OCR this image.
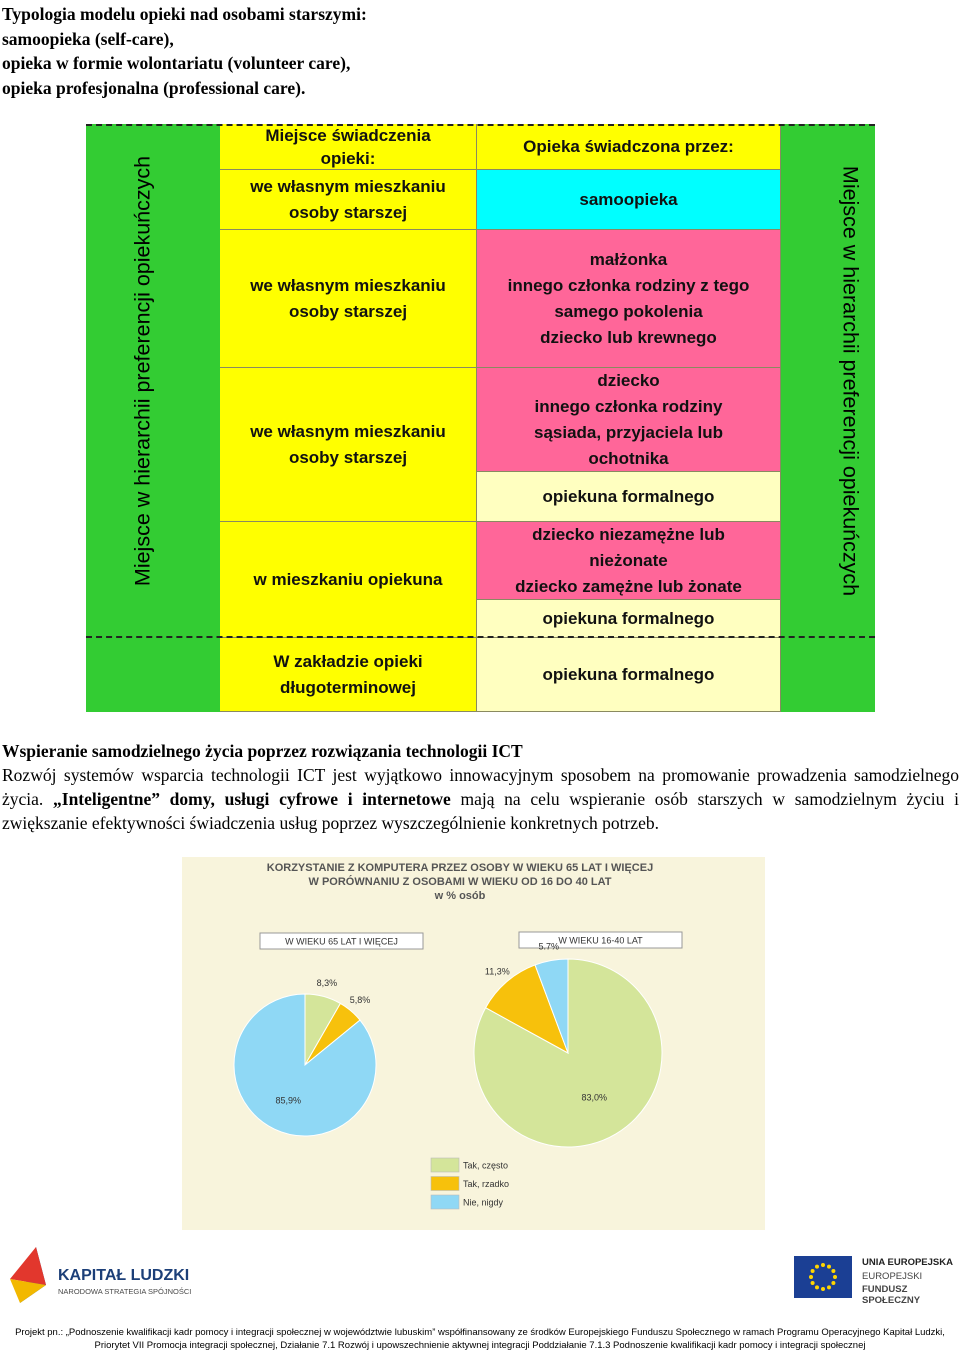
Typologia modelu opieki nad osobami starszymi:
samoopieka (self-care),
opieka w formie wolontariatu (volunteer care),
opieka profesjonalna (professional care).
Miejsce w hierarchii preferencji opiekuńczych	Miejsce w hierarchii preferencji opiekuńczych
Miejsce świadczenia
opieki:
we własnym mieszkaniu
osoby starszej
we własnym mieszkaniu
osoby starszej
we własnym mieszkaniu
osoby starszej
w mieszkaniu opiekuna
W zakładzie opieki
długoterminowej
Opieka świadczona przez:
samoopieka
małżonka
innego członka rodziny z tego
samego pokolenia
dziecko lub krewnego
dziecko
innego członka rodziny
sąsiada, przyjaciela lub
ochotnika
opiekuna formalnego
dziecko niezamężne lub
nieżonate
dziecko zamężne lub żonate
opiekuna formalnego
opiekuna formalnego
Wspieranie samodzielnego życia poprzez rozwiązania technologii ICT
Rozwój systemów wsparcia technologii ICT jest wyjątkowo innowacyjnym sposobem na promowanie prowadzenia samodzielnego życia. „Inteligentne” domy, usługi cyfrowe i internetowe mają na celu wspieranie osób starszych w samodzielnym życiu i zwiększanie efektywności świadczenia usług poprzez wyszczególnienie konkretnych potrzeb.
KORZYSTANIE Z KOMPUTERA PRZEZ OSOBY W WIEKU 65 LAT I WIĘCEJ
W PORÓWNANIU Z OSOBAMI W WIEKU OD 16 DO 40 LAT
w % osób
W WIEKU 65 LAT I WIĘCEJ
8,3%
5,8%
85,9%
W WIEKU 16-40 LAT
83,0%
11,3%
5.7%
Tak, często
Tak, rzadko
Nie, nigdy
KAPITAŁ LUDZKI
NARODOWA STRATEGIA SPÓJNOŚCI
UNIA EUROPEJSKA
EUROPEJSKI
FUNDUSZ SPOŁECZNY
Projekt pn.: „Podnoszenie kwalifikacji kadr pomocy i integracji społecznej w województwie lubuskim” współfinansowany ze środków Europejskiego Funduszu Społecznego w ramach Programu Operacyjnego Kapitał Ludzki,
Priorytet VII Promocja integracji społecznej, Działanie 7.1 Rozwój i upowszechnienie aktywnej integracji Poddziałanie 7.1.3 Podnoszenie kwalifikacji kadr pomocy i integracji społecznej
